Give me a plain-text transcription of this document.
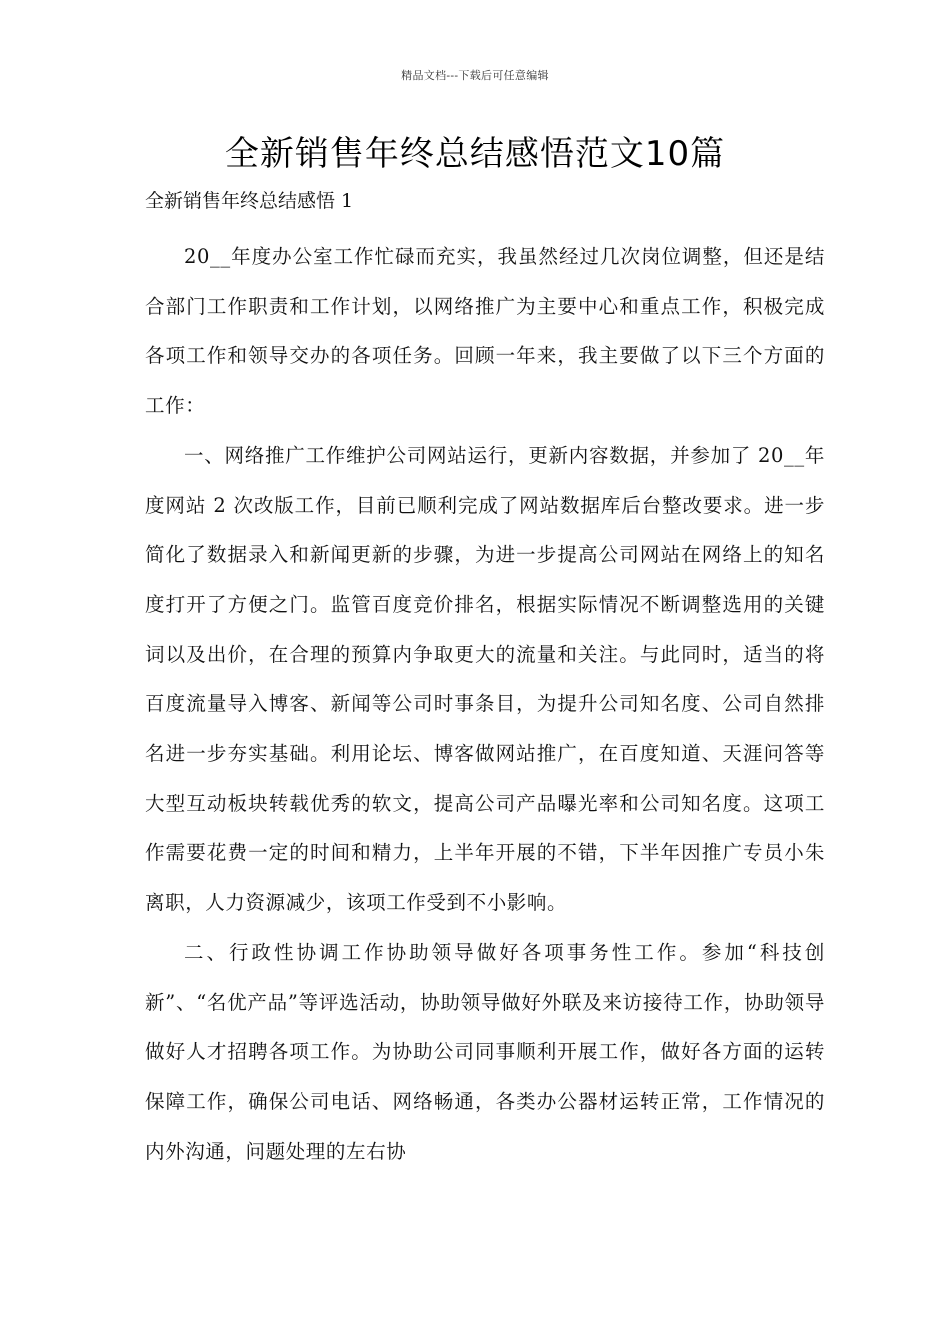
精品文档---下载后可任意编辑
全新销售年终总结感悟范文10篇
全新销售年终总结感悟 1

20__年度办公室工作忙碌而充实，我虽然经过几次岗位调整，但还是结合部门工作职责和工作计划，以网络推广为主要中心和重点工作，积极完成各项工作和领导交办的各项任务。回顾一年来，我主要做了以下三个方面的工作：

一、网络推广工作维护公司网站运行，更新内容数据，并参加了 20__年度网站 2 次改版工作，目前已顺利完成了网站数据库后台整改要求。进一步简化了数据录入和新闻更新的步骤，为进一步提高公司网站在网络上的知名度打开了方便之门。监管百度竞价排名，根据实际情况不断调整选用的关键词以及出价，在合理的预算内争取更大的流量和关注。与此同时，适当的将百度流量导入博客、新闻等公司时事条目，为提升公司知名度、公司自然排名进一步夯实基础。利用论坛、博客做网站推广，在百度知道、天涯问答等大型互动板块转载优秀的软文，提高公司产品曝光率和公司知名度。这项工作需要花费一定的时间和精力，上半年开展的不错，下半年因推广专员小朱离职，人力资源减少，该项工作受到不小影响。

二、行政性协调工作协助领导做好各项事务性工作。参加“科技创新”、“名优产品”等评选活动，协助领导做好外联及来访接待工作，协助领导做好人才招聘各项工作。为协助公司同事顺利开展工作，做好各方面的运转保障工作，确保公司电话、网络畅通，各类办公器材运转正常，工作情况的内外沟通，问题处理的左右协
